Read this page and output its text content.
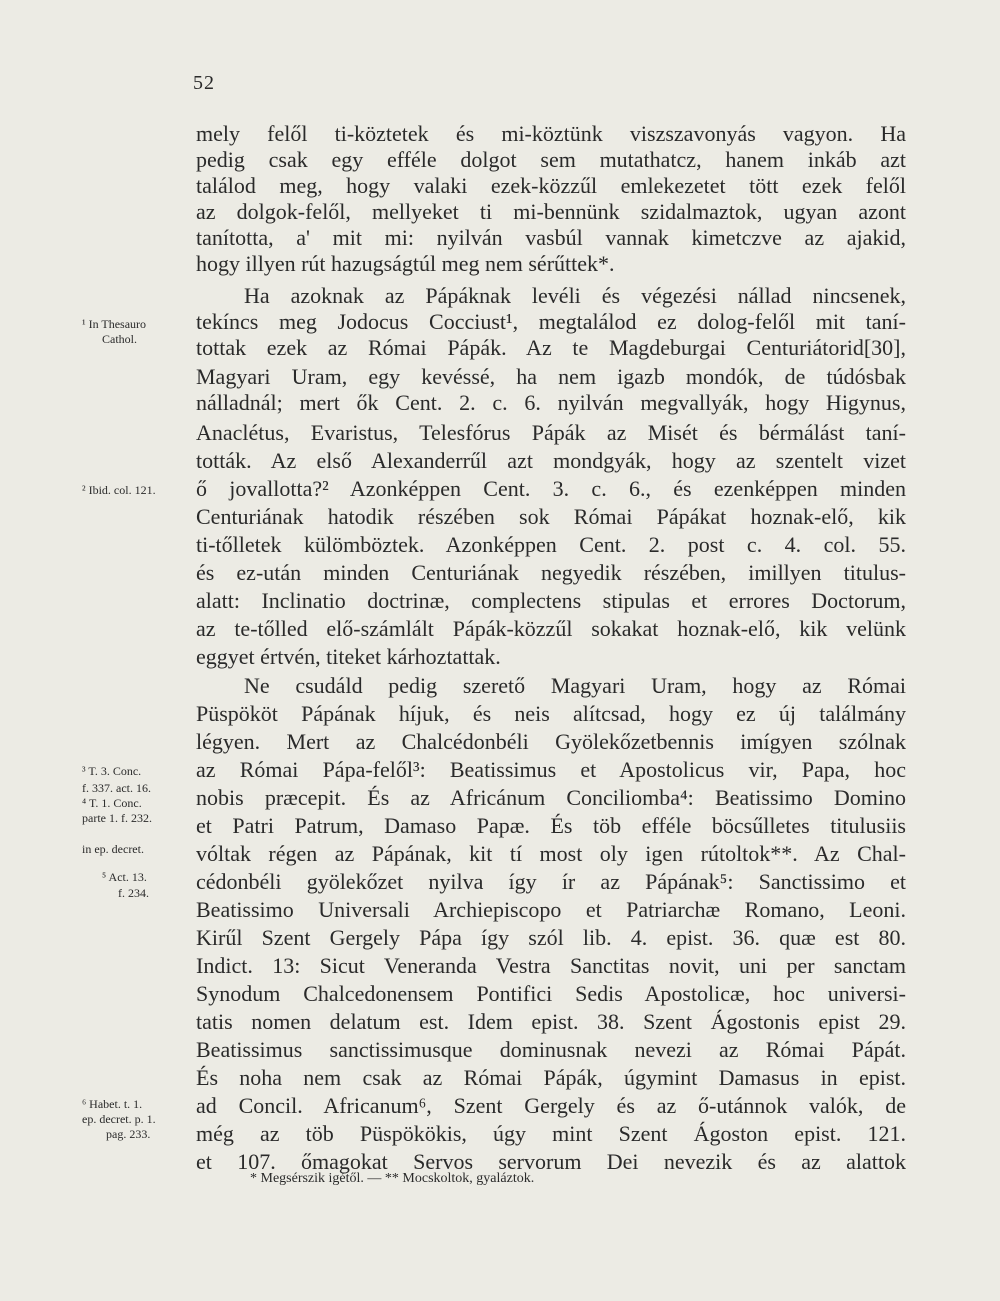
52
mely felől ti-köztetek és mi-köztünk viszszavonyás vagyon. Ha
pedig csak egy efféle dolgot sem mutathatcz, hanem inkáb azt
találod meg, hogy valaki ezek-közzűl emlekezetet tött ezek felől
az dolgok-felől, mellyeket ti mi-bennünk szidalmaztok, ugyan azont
tanította, a' mit mi: nyilván vasbúl vannak kimetczve az ajakid,
hogy illyen rút hazugságtúl meg nem sérűttek*.
Ha azoknak az Pápáknak levéli és végezési nállad nincsenek,
tekíncs meg Jodocus Cocciust¹, megtalálod ez dolog-felől mit taní-
tottak ezek az Római Pápák. Az te Magdeburgai Centuriátorid[30],
Magyari Uram, egy kevéssé, ha nem igazb mondók, de túdósbak
nálladnál; mert ők Cent. 2. c. 6. nyilván megvallyák, hogy Higynus,
Anaclétus, Evaristus, Telesfórus Pápák az Misét és bérmálást taní-
tották. Az első Alexanderrűl azt mondgyák, hogy az szentelt vizet
ő jovallotta?² Azonképpen Cent. 3. c. 6., és ezenképpen minden
Centuriának hatodik részében sok Római Pápákat hoznak-elő, kik
ti-tőlletek külömböztek. Azonképpen Cent. 2. post c. 4. col. 55.
és ez-után minden Centuriának negyedik részében, imillyen titulus-
alatt: Inclinatio doctrinæ, complectens stipulas et errores Doctorum,
az te-tőlled elő-számlált Pápák-közzűl sokakat hoznak-elő, kik velünk
eggyet értvén, titeket kárhoztattak.
Ne csudáld pedig szerető Magyari Uram, hogy az Római
Püspököt Pápának híjuk, és neis alítcsad, hogy ez új találmány
légyen. Mert az Chalcédonbéli Gyölekőzetbennis imígyen szólnak
az Római Pápa-felől³: Beatissimus et Apostolicus vir, Papa, hoc
nobis præcepit. És az Africánum Conciliomba⁴: Beatissimo Domino
et Patri Patrum, Damaso Papæ. És töb efféle böcsűlletes titulusiis
vóltak régen az Pápának, kit tí most oly igen rútoltok**. Az Chal-
cédonbéli gyölekőzet nyilva így ír az Pápának⁵: Sanctissimo et
Beatissimo Universali Archiepiscopo et Patriarchæ Romano, Leoni.
Kirűl Szent Gergely Pápa így szól lib. 4. epist. 36. quæ est 80.
Indict. 13: Sicut Veneranda Vestra Sanctitas novit, uni per sanctam
Synodum Chalcedonensem Pontifici Sedis Apostolicæ, hoc universi-
tatis nomen delatum est. Idem epist. 38. Szent Ágostonis epist 29.
Beatissimus sanctissimusque dominusnak nevezi az Római Pápát.
És noha nem csak az Római Pápák, úgymint Damasus in epist.
ad Concil. Africanum⁶, Szent Gergely és az ő-utánnok valók, de
még az töb Püspökökis, úgy mint Szent Ágoston epist. 121.
et 107. őmagokat Servos servorum Dei nevezik és az alattok
¹ In Thesauro
Cathol.
² Ibid. col. 121.
³ T. 3. Conc.
f. 337. act. 16.
⁴ T. 1. Conc.
parte 1. f. 232.
in ep. decret.
⁵ Act. 13.
f. 234.
⁶ Habet. t. 1.
ep. decret. p. 1.
pag. 233.
* Megsérszik igétől. — ** Mocskoltok, gyaláztok.
